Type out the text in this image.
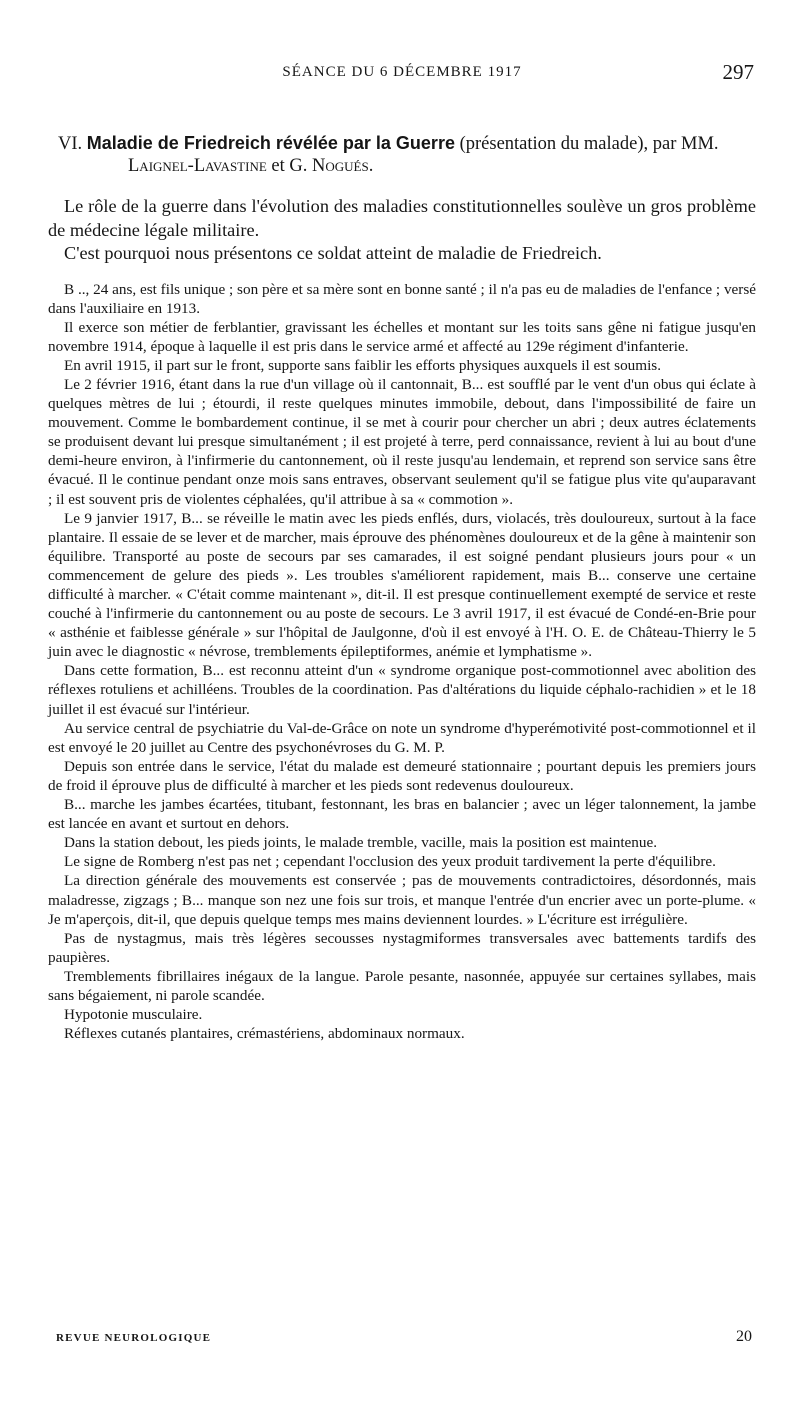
SÉANCE DU 6 DÉCEMBRE 1917	297
VI. Maladie de Friedreich révélée par la Guerre (présentation du malade), par MM. Laignel-Lavastine et G. Nogués.

Le rôle de la guerre dans l'évolution des maladies constitutionnelles soulève un gros problème de médecine légale militaire.

C'est pourquoi nous présentons ce soldat atteint de maladie de Friedreich.

B .., 24 ans, est fils unique ; son père et sa mère sont en bonne santé ; il n'a pas eu de maladies de l'enfance ; versé dans l'auxiliaire en 1913.

Il exerce son métier de ferblantier, gravissant les échelles et montant sur les toits sans gêne ni fatigue jusqu'en novembre 1914, époque à laquelle il est pris dans le service armé et affecté au 129e régiment d'infanterie.

En avril 1915, il part sur le front, supporte sans faiblir les efforts physiques auxquels il est soumis.

Le 2 février 1916, étant dans la rue d'un village où il cantonnait, B... est soufflé par le vent d'un obus qui éclate à quelques mètres de lui ; étourdi, il reste quelques minutes immobile, debout, dans l'impossibilité de faire un mouvement. Comme le bombardement continue, il se met à courir pour chercher un abri ; deux autres éclatements se produisent devant lui presque simultanément ; il est projeté à terre, perd connaissance, revient à lui au bout d'une demi-heure environ, à l'infirmerie du cantonnement, où il reste jusqu'au lendemain, et reprend son service sans être évacué. Il le continue pendant onze mois sans entraves, observant seulement qu'il se fatigue plus vite qu'auparavant ; il est souvent pris de violentes céphalées, qu'il attribue à sa « commotion ».

Le 9 janvier 1917, B... se réveille le matin avec les pieds enflés, durs, violacés, très douloureux, surtout à la face plantaire. Il essaie de se lever et de marcher, mais éprouve des phénomènes douloureux et de la gêne à maintenir son équilibre. Transporté au poste de secours par ses camarades, il est soigné pendant plusieurs jours pour « un commencement de gelure des pieds ». Les troubles s'améliorent rapidement, mais B... conserve une certaine difficulté à marcher. « C'était comme maintenant », dit-il. Il est presque continuellement exempté de service et reste couché à l'infirmerie du cantonnement ou au poste de secours. Le 3 avril 1917, il est évacué de Condé-en-Brie pour « asthénie et faiblesse générale » sur l'hôpital de Jaulgonne, d'où il est envoyé à l'H. O. E. de Château-Thierry le 5 juin avec le diagnostic « névrose, tremblements épileptiformes, anémie et lymphatisme ».

Dans cette formation, B... est reconnu atteint d'un « syndrome organique post-commotionnel avec abolition des réflexes rotuliens et achilléens. Troubles de la coordination. Pas d'altérations du liquide céphalo-rachidien » et le 18 juillet il est évacué sur l'intérieur.

Au service central de psychiatrie du Val-de-Grâce on note un syndrome d'hyperémotivité post-commotionnel et il est envoyé le 20 juillet au Centre des psychonévroses du G. M. P.

Depuis son entrée dans le service, l'état du malade est demeuré stationnaire ; pourtant depuis les premiers jours de froid il éprouve plus de difficulté à marcher et les pieds sont redevenus douloureux.

B... marche les jambes écartées, titubant, festonnant, les bras en balancier ; avec un léger talonnement, la jambe est lancée en avant et surtout en dehors.

Dans la station debout, les pieds joints, le malade tremble, vacille, mais la position est maintenue.

Le signe de Romberg n'est pas net ; cependant l'occlusion des yeux produit tardivement la perte d'équilibre.

La direction générale des mouvements est conservée ; pas de mouvements contradictoires, désordonnés, mais maladresse, zigzags ; B... manque son nez une fois sur trois, et manque l'entrée d'un encrier avec un porte-plume. « Je m'aperçois, dit-il, que depuis quelque temps mes mains deviennent lourdes. » L'écriture est irrégulière.

Pas de nystagmus, mais très légères secousses nystagmiformes transversales avec battements tardifs des paupières.

Tremblements fibrillaires inégaux de la langue. Parole pesante, nasonnée, appuyée sur certaines syllabes, mais sans bégaiement, ni parole scandée.

Hypotonie musculaire.

Réflexes cutanés plantaires, crémastériens, abdominaux normaux.

REVUE NEUROLOGIQUE	20
